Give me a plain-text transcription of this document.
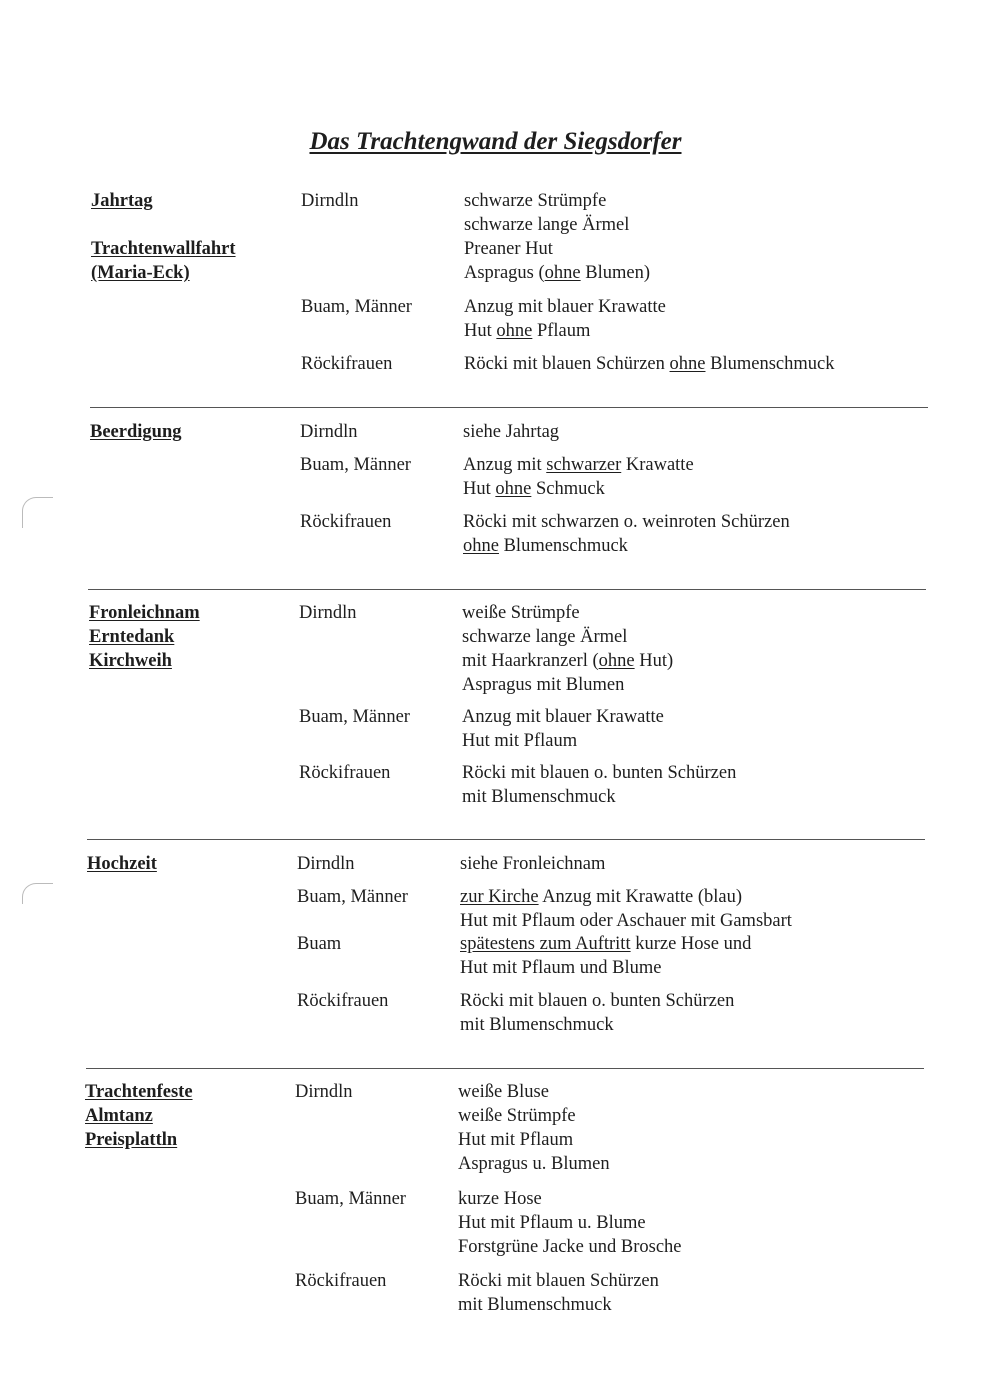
Das Trachtengwand der Siegsdorfer
Jahrtag
Trachtenwallfahrt
(Maria-Eck)
Dirndln	schwarze Strümpfe
schwarze lange Ärmel
Preaner Hut
Aspragus (ohne Blumen)
Buam, Männer	Anzug mit blauer Krawatte
Hut ohne Pflaum
Röckifrauen	Röcki mit blauen Schürzen ohne Blumenschmuck
Beerdigung	Dirndln	siehe Jahrtag
Buam, Männer	Anzug mit schwarzer Krawatte
Hut ohne Schmuck
Röckifrauen	Röcki mit schwarzen o. weinroten Schürzen
ohne Blumenschmuck
Fronleichnam
Erntedank
Kirchweih
Dirndln	weiße Strümpfe
schwarze lange Ärmel
mit Haarkranzerl (ohne Hut)
Aspragus mit Blumen
Buam, Männer	Anzug mit blauer Krawatte
Hut mit Pflaum
Röckifrauen	Röcki mit blauen o. bunten Schürzen
mit Blumenschmuck
Hochzeit	Dirndln	siehe Fronleichnam
Buam, Männer	zur Kirche Anzug mit Krawatte (blau)
Hut mit Pflaum oder Aschauer mit Gamsbart
Buam	spätestens zum Auftritt kurze Hose und
Hut mit Pflaum und Blume
Röckifrauen	Röcki mit blauen o. bunten Schürzen
mit Blumenschmuck
Trachtenfeste
Almtanz
Preisplattln
Dirndln	weiße Bluse
weiße Strümpfe
Hut mit Pflaum
Aspragus u. Blumen
Buam, Männer	kurze Hose
Hut mit Pflaum u. Blume
Forstgrüne Jacke und Brosche
Röckifrauen	Röcki mit blauen Schürzen
mit Blumenschmuck
